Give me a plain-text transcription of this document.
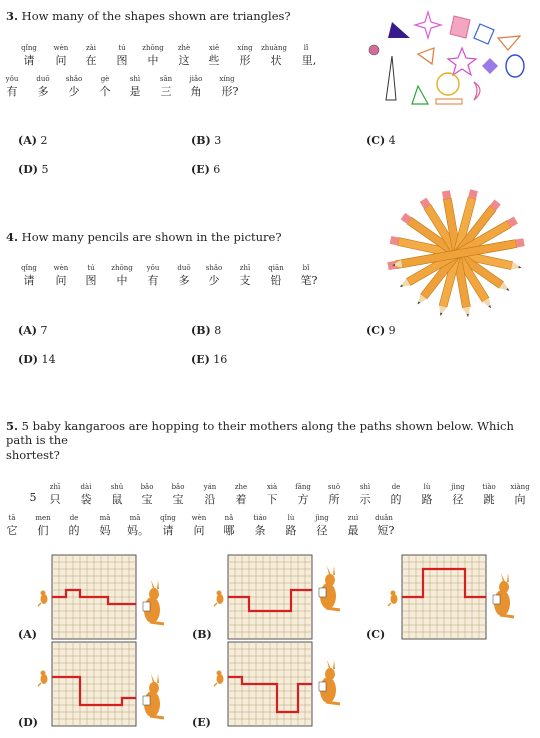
3. How many of the shapes shown are triangles?
qǐng wèn	zài	tú zhōng zhè	xiē	xíng zhuàng lǐ
请 问 在 图 中 这 些 形 状 里,
yǒu	duō shǎo	gè	shì	sān jiǎo xíng
有 多 少 个 是 三 角 形?
(A) 2	(B) 3	(C) 4
(D) 5	(E) 6
4. How many pencils are shown in the picture?
qǐng wèn	tú zhōng yǒu	duō shǎo	zhī	qiān	bǐ
请 问 图 中 有 多 少 支 铅 笔?
(A) 7	(B) 8	(C) 9
(D) 14	(E) 16
5. 5 baby kangaroos are hopping to their mothers along the paths shown below. Which path is the
shortest?
zhī	dài	shǔ bǎo	bǎo	yán	zhe	xià	fāng suǒ	shì	de	lù	jìng	tiào xiàng
5 只 袋 鼠 宝 宝 沿 着 下 方 所 示 的 路 径 跳 向
tā	men	de	mā	mā	qǐng wèn	nǎ	tiáo	lù	jìng	zuì duǎn
它 们 的 妈 妈。 请 问 哪 条 路 径 最 短?
(A)	(B)	(C)
(D)	(E)
